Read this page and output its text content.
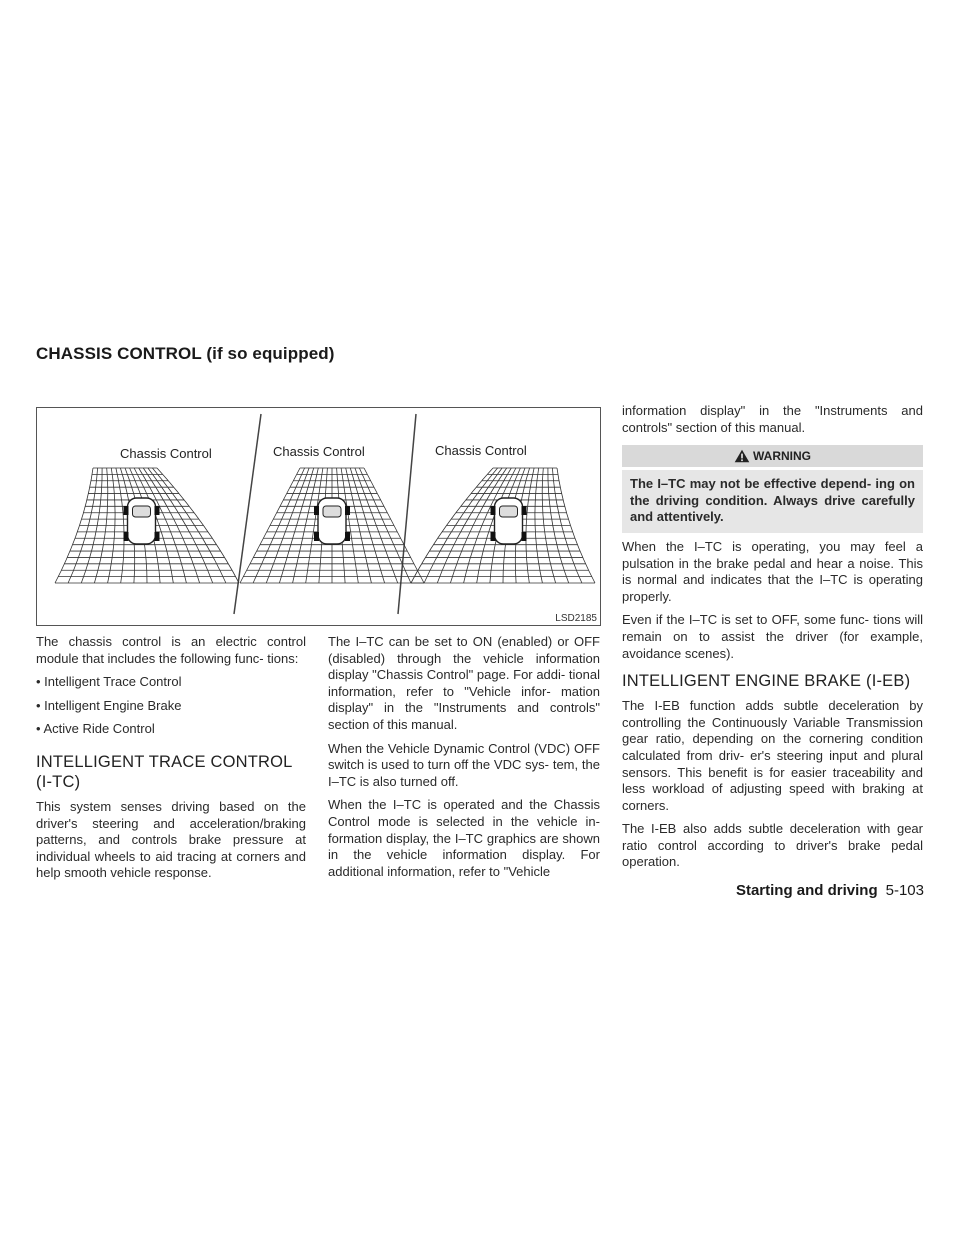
CHASSIS CONTROL (if so equipped)
Chassis Control	Chassis Control	Chassis Control
LSD2185

The chassis control is an electric control module that includes the following func- tions:

• Intelligent Trace Control

• Intelligent Engine Brake

• Active Ride Control

INTELLIGENT TRACE CONTROL
(I-TC)

This system senses driving based on the driver's steering and acceleration/braking patterns, and controls brake pressure at individual wheels to aid tracing at corners and help smooth vehicle response.

The I–TC can be set to ON (enabled) or OFF (disabled) through the vehicle information display "Chassis Control" page. For addi- tional information, refer to "Vehicle infor- mation display" in the "Instruments and controls" section of this manual.

When the Vehicle Dynamic Control (VDC) OFF switch is used to turn off the VDC sys- tem, the I–TC is also turned off.

When the I–TC is operated and the Chassis Control mode is selected in the vehicle in- formation display, the I–TC graphics are shown in the vehicle information display. For additional information, refer to "Vehicle

information display" in the "Instruments and controls" section of this manual.

WARNING
The I–TC may not be effective depend- ing on the driving condition. Always drive carefully and attentively.

When the I–TC is operating, you may feel a pulsation in the brake pedal and hear a noise. This is normal and indicates that the I–TC is operating properly.

Even if the I–TC is set to OFF, some func- tions will remain on to assist the driver (for example, avoidance scenes).

INTELLIGENT ENGINE BRAKE (I-EB)

The I-EB function adds subtle deceleration by controlling the Continuously Variable Transmission gear ratio, depending on the cornering condition calculated from driv- er's steering input and plural sensors. This benefit is for easier traceability and less workload of adjusting speed with braking at corners.

The I-EB also adds subtle deceleration with gear ratio control according to driver's brake pedal operation.

Starting and driving 5-103
